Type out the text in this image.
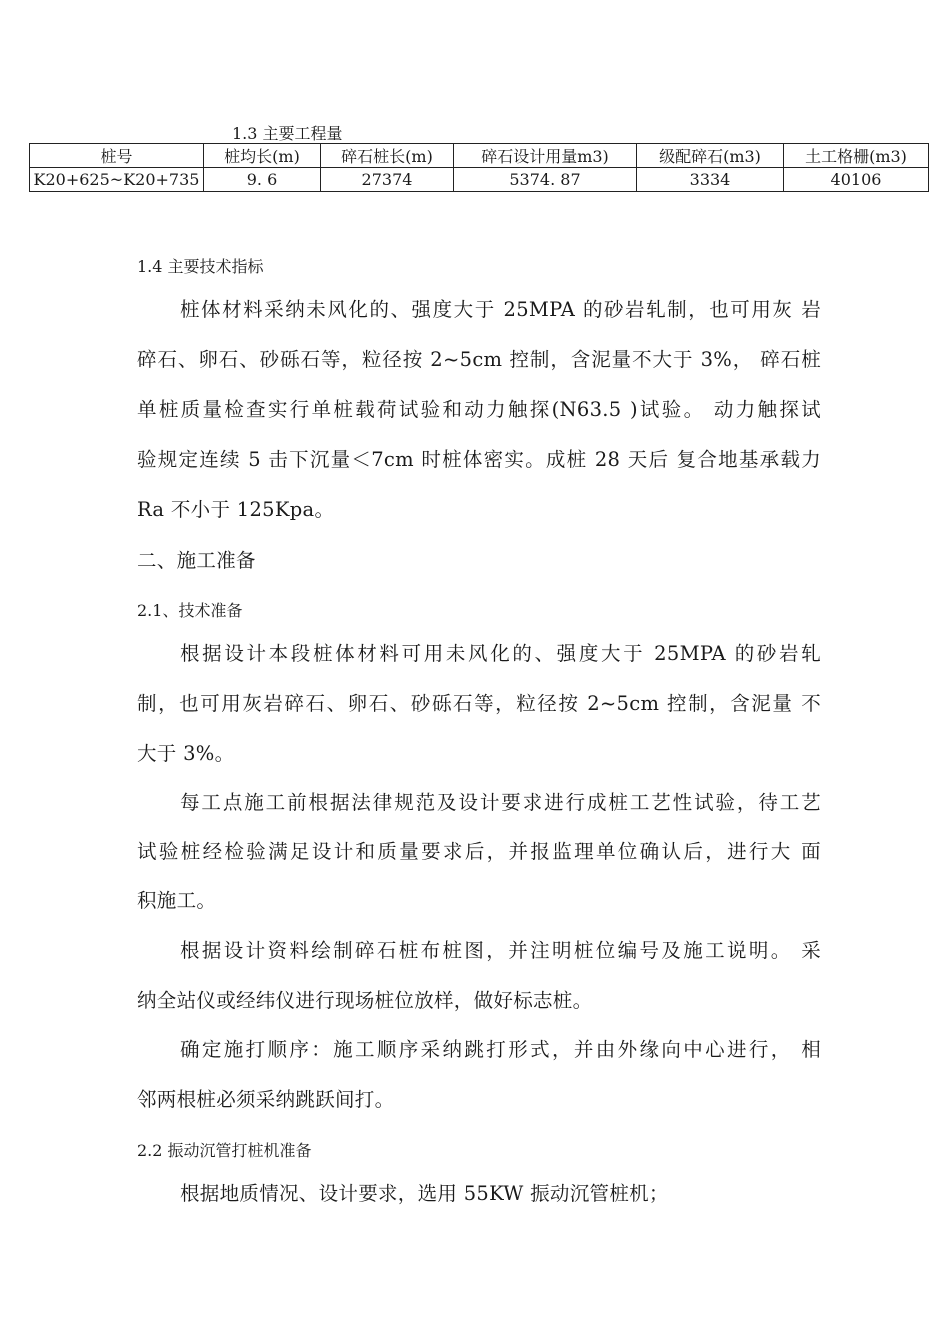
1.3 主要工程量
桩号	桩均长(m)	碎石桩长(m)	碎石设计用量m3)	级配碎石(m3)	土工格栅(m3)
K20+625~K20+735	9. 6	27374	5374. 87	3334	40106
1.4 主要技术指标
桩体材料采纳未风化的、强度大于 25MPA 的砂岩轧制，也可用灰 岩
碎石、卵石、砂砾石等，粒径按 2~5cm 控制，含泥量不大于 3%， 碎石桩
单桩质量检查实行单桩载荷试验和动力触探(N63.5 )试验。 动力触探试
验规定连续 5 击下沉量＜7cm 时桩体密实。成桩 28 天后 复合地基承载力
Ra 不小于 125Kpa。
二、施工准备
2.1、技术准备
根据设计本段桩体材料可用未风化的、强度大于 25MPA 的砂岩轧
制，也可用灰岩碎石、卵石、砂砾石等，粒径按 2~5cm 控制，含泥量 不
大于 3%。
每工点施工前根据法律规范及设计要求进行成桩工艺性试验，待工艺
试验桩经检验满足设计和质量要求后，并报监理单位确认后，进行大 面
积施工。
根据设计资料绘制碎石桩布桩图，并注明桩位编号及施工说明。 采
纳全站仪或经纬仪进行现场桩位放样，做好标志桩。
确定施打顺序：施工顺序采纳跳打形式，并由外缘向中心进行， 相
邻两根桩必须采纳跳跃间打。
2.2 振动沉管打桩机准备
根据地质情况、设计要求，选用 55KW 振动沉管桩机；
